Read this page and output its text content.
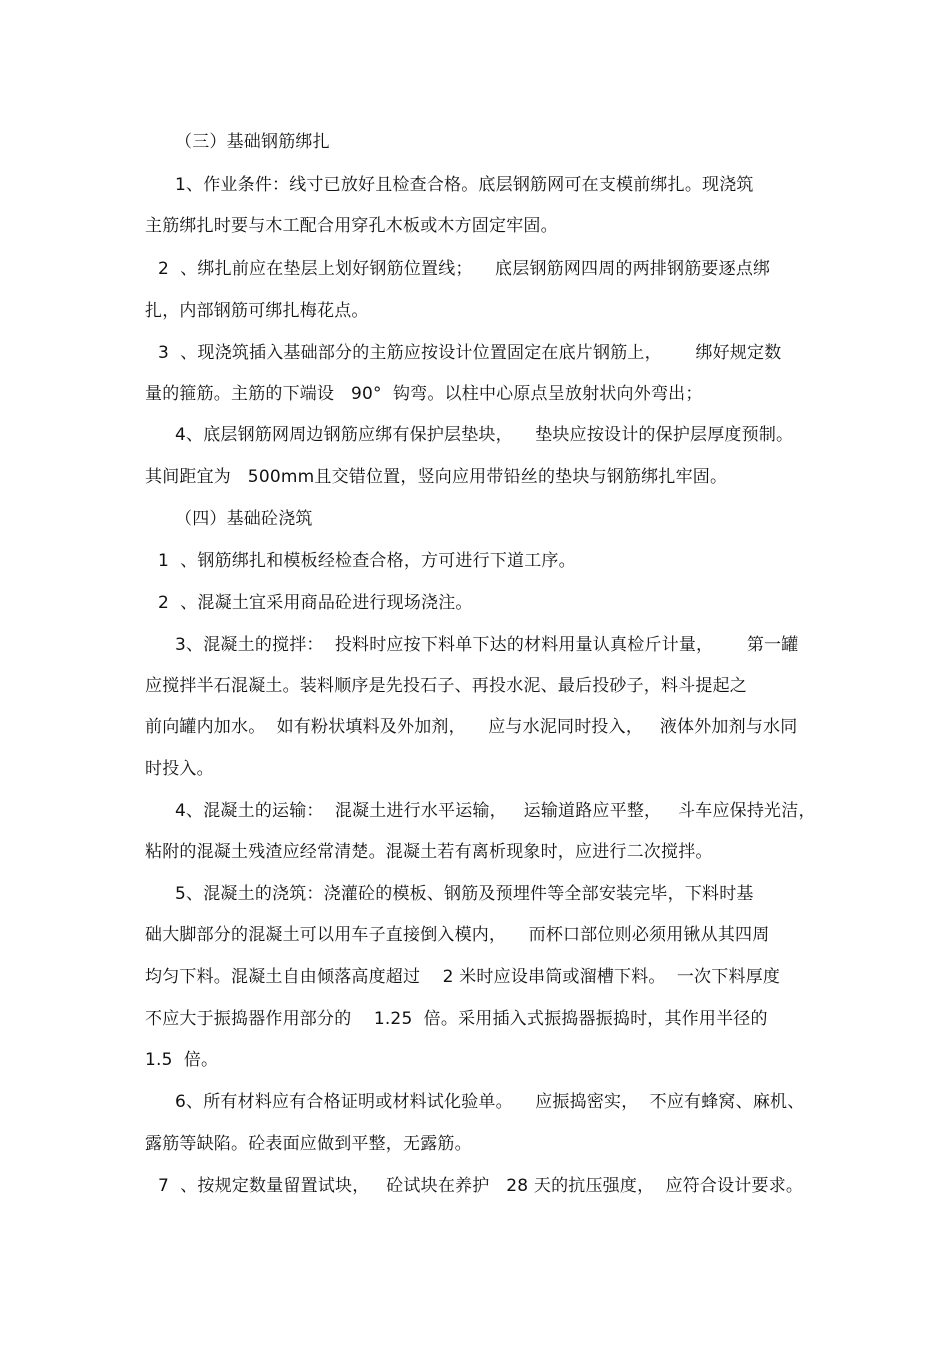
（三）基础钢筋绑扎
1、作业条件：线寸已放好且检查合格。底层钢筋网可在支模前绑扎。现浇筑
主筋绑扎时要与木工配合用穿孔木板或木方固定牢固。
2  、绑扎前应在垫层上划好钢筋位置线；    底层钢筋网四周的两排钢筋要逐点绑
扎，内部钢筋可绑扎梅花点。
3  、现浇筑插入基础部分的主筋应按设计位置固定在底片钢筋上，      绑好规定数
量的箍筋。主筋的下端设   90°  钩弯。以柱中心原点呈放射状向外弯出；
4、底层钢筋网周边钢筋应绑有保护层垫块，    垫块应按设计的保护层厚度预制。
其间距宜为   500mm且交错位置，竖向应用带铅丝的垫块与钢筋绑扎牢固。
（四）基础砼浇筑
1  、钢筋绑扎和模板经检查合格，方可进行下道工序。
2  、混凝土宜采用商品砼进行现场浇注。
3、混凝土的搅拌：  投料时应按下料单下达的材料用量认真检斤计量，      第一罐
应搅拌半石混凝土。装料顺序是先投石子、再投水泥、最后投砂子，料斗提起之
前向罐内加水。  如有粉状填料及外加剂，    应与水泥同时投入，   液体外加剂与水同
时投入。
4、混凝土的运输：  混凝土进行水平运输，   运输道路应平整，   斗车应保持光洁，
粘附的混凝土残渣应经常清楚。混凝土若有离析现象时，应进行二次搅拌。
5、混凝土的浇筑：浇灌砼的模板、钢筋及预埋件等全部安装完毕，下料时基
础大脚部分的混凝土可以用车子直接倒入模内，    而杯口部位则必须用锹从其四周
均匀下料。混凝土自由倾落高度超过    2 米时应设串筒或溜槽下料。  一次下料厚度
不应大于振捣器作用部分的    1.25  倍。采用插入式振捣器振捣时，其作用半径的
1.5  倍。
6、所有材料应有合格证明或材料试化验单。    应振捣密实，  不应有蜂窝、麻机、
露筋等缺陷。砼表面应做到平整，无露筋。
7  、按规定数量留置试块，   砼试块在养护   28 天的抗压强度，  应符合设计要求。
